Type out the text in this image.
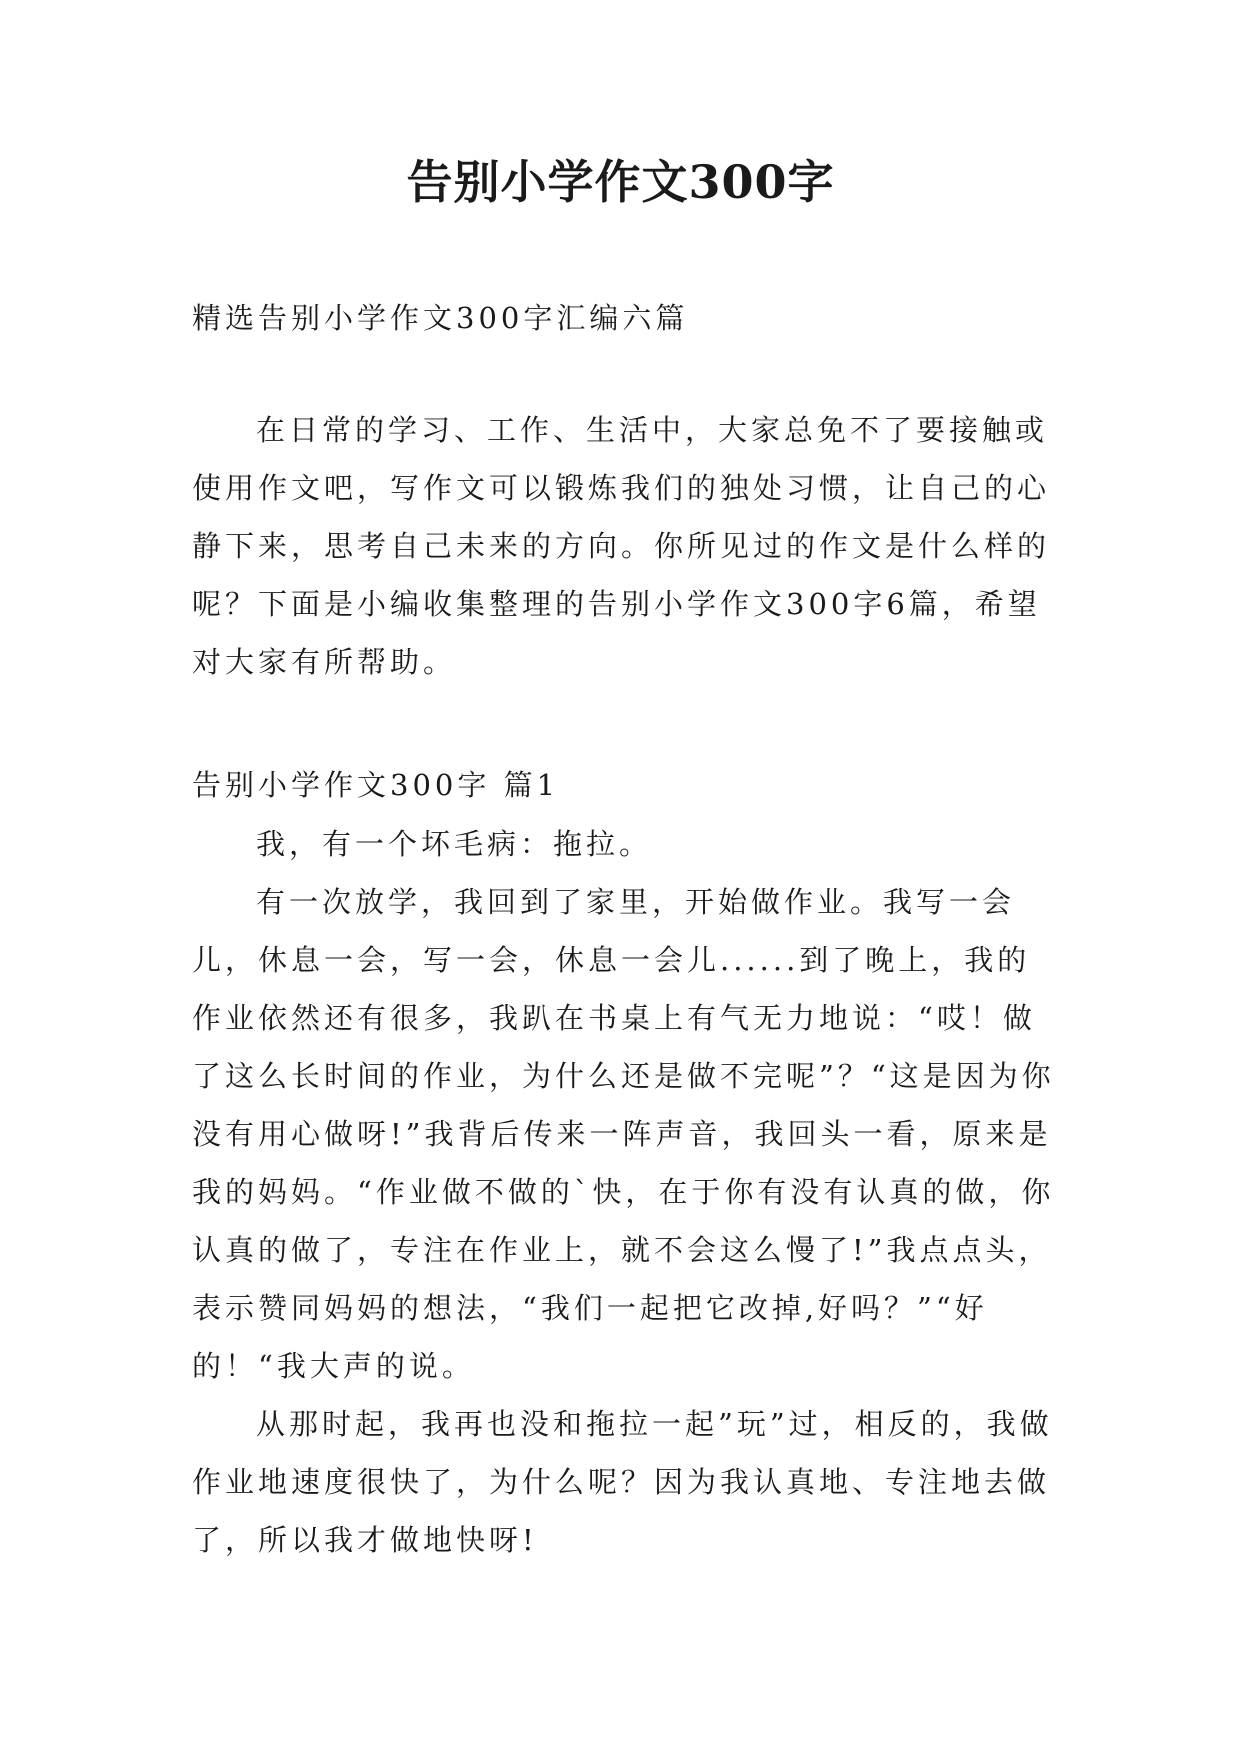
告别小学作文300字
精选告别小学作文300字汇编六篇

在日常的学习、工作、生活中，大家总免不了要接触或使用作文吧，写作文可以锻炼我们的独处习惯，让自己的心静下来，思考自己未来的方向。你所见过的作文是什么样的呢？下面是小编收集整理的告别小学作文300字6篇，希望对大家有所帮助。

告别小学作文300字 篇1

我，有一个坏毛病：拖拉。

有一次放学，我回到了家里，开始做作业。我写一会儿，休息一会，写一会，休息一会儿......到了晚上，我的作业依然还有很多，我趴在书桌上有气无力地说：“哎！做了这么长时间的作业，为什么还是做不完呢”？“这是因为你没有用心做呀!”我背后传来一阵声音，我回头一看，原来是我的妈妈。“作业做不做的`快，在于你有没有认真的做，你认真的做了，专注在作业上，就不会这么慢了!”我点点头，表示赞同妈妈的想法，“我们一起把它改掉,好吗？”“好的！“我大声的说。

从那时起，我再也没和拖拉一起”玩”过，相反的，我做作业地速度很快了，为什么呢？因为我认真地、专注地去做了，所以我才做地快呀!
